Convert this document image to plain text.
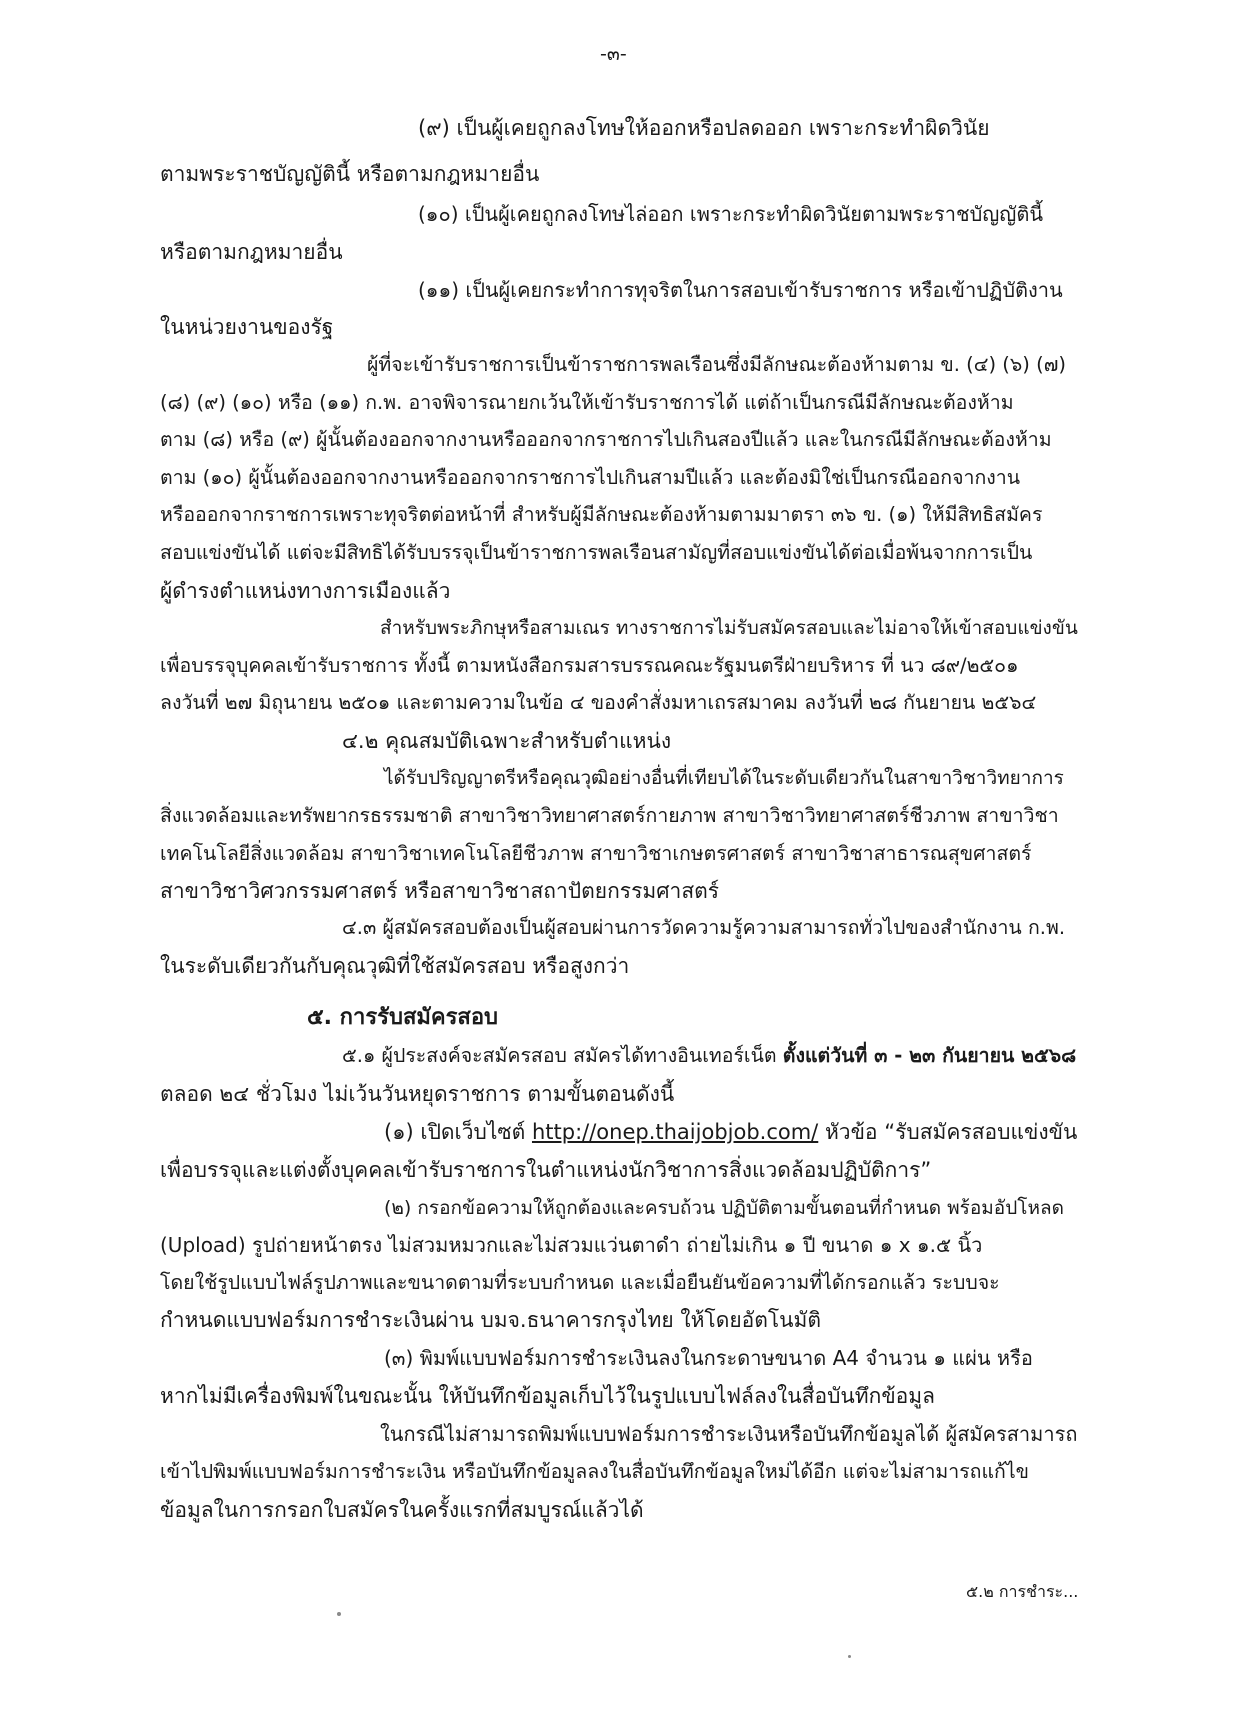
-๓-
(๙) เป็นผู้เคยถูกลงโทษให้ออกหรือปลดออก เพราะกระทำผิดวินัย
ตามพระราชบัญญัตินี้ หรือตามกฎหมายอื่น
(๑๐) เป็นผู้เคยถูกลงโทษไล่ออก เพราะกระทำผิดวินัยตามพระราชบัญญัตินี้
หรือตามกฎหมายอื่น
(๑๑) เป็นผู้เคยกระทำการทุจริตในการสอบเข้ารับราชการ หรือเข้าปฏิบัติงาน
ในหน่วยงานของรัฐ
ผู้ที่จะเข้ารับราชการเป็นข้าราชการพลเรือนซึ่งมีลักษณะต้องห้ามตาม ข. (๔) (๖) (๗)
(๘) (๙) (๑๐) หรือ (๑๑) ก.พ. อาจพิจารณายกเว้นให้เข้ารับราชการได้ แต่ถ้าเป็นกรณีมีลักษณะต้องห้าม
ตาม (๘) หรือ (๙) ผู้นั้นต้องออกจากงานหรือออกจากราชการไปเกินสองปีแล้ว และในกรณีมีลักษณะต้องห้าม
ตาม (๑๐) ผู้นั้นต้องออกจากงานหรือออกจากราชการไปเกินสามปีแล้ว และต้องมิใช่เป็นกรณีออกจากงาน
หรือออกจากราชการเพราะทุจริตต่อหน้าที่ สำหรับผู้มีลักษณะต้องห้ามตามมาตรา ๓๖ ข. (๑) ให้มีสิทธิสมัคร
สอบแข่งขันได้ แต่จะมีสิทธิได้รับบรรจุเป็นข้าราชการพลเรือนสามัญที่สอบแข่งขันได้ต่อเมื่อพ้นจากการเป็น
ผู้ดำรงตำแหน่งทางการเมืองแล้ว
สำหรับพระภิกษุหรือสามเณร ทางราชการไม่รับสมัครสอบและไม่อาจให้เข้าสอบแข่งขัน
เพื่อบรรจุบุคคลเข้ารับราชการ ทั้งนี้ ตามหนังสือกรมสารบรรณคณะรัฐมนตรีฝ่ายบริหาร ที่ นว ๘๙/๒๕๐๑
ลงวันที่ ๒๗ มิถุนายน ๒๕๐๑ และตามความในข้อ ๔ ของคำสั่งมหาเถรสมาคม ลงวันที่ ๒๘ กันยายน ๒๕๖๔
๔.๒ คุณสมบัติเฉพาะสำหรับตำแหน่ง
ได้รับปริญญาตรีหรือคุณวุฒิอย่างอื่นที่เทียบได้ในระดับเดียวกันในสาขาวิชาวิทยาการ
สิ่งแวดล้อมและทรัพยากรธรรมชาติ สาขาวิชาวิทยาศาสตร์กายภาพ สาขาวิชาวิทยาศาสตร์ชีวภาพ สาขาวิชา
เทคโนโลยีสิ่งแวดล้อม สาขาวิชาเทคโนโลยีชีวภาพ สาขาวิชาเกษตรศาสตร์ สาขาวิชาสาธารณสุขศาสตร์
สาขาวิชาวิศวกรรมศาสตร์ หรือสาขาวิชาสถาปัตยกรรมศาสตร์
๔.๓ ผู้สมัครสอบต้องเป็นผู้สอบผ่านการวัดความรู้ความสามารถทั่วไปของสำนักงาน ก.พ.
ในระดับเดียวกันกับคุณวุฒิที่ใช้สมัครสอบ หรือสูงกว่า
๕. การรับสมัครสอบ
๕.๑ ผู้ประสงค์จะสมัครสอบ สมัครได้ทางอินเทอร์เน็ต ตั้งแต่วันที่ ๓ - ๒๓ กันยายน ๒๕๖๘
ตลอด ๒๔ ชั่วโมง ไม่เว้นวันหยุดราชการ ตามขั้นตอนดังนี้
(๑) เปิดเว็บไซต์ http://onep.thaijobjob.com/ หัวข้อ “รับสมัครสอบแข่งขัน
เพื่อบรรจุและแต่งตั้งบุคคลเข้ารับราชการในตำแหน่งนักวิชาการสิ่งแวดล้อมปฏิบัติการ”
(๒) กรอกข้อความให้ถูกต้องและครบถ้วน ปฏิบัติตามขั้นตอนที่กำหนด พร้อมอัปโหลด
(Upload) รูปถ่ายหน้าตรง ไม่สวมหมวกและไม่สวมแว่นตาดำ ถ่ายไม่เกิน ๑ ปี ขนาด ๑ x ๑.๕ นิ้ว
โดยใช้รูปแบบไฟล์รูปภาพและขนาดตามที่ระบบกำหนด และเมื่อยืนยันข้อความที่ได้กรอกแล้ว ระบบจะ
กำหนดแบบฟอร์มการชำระเงินผ่าน บมจ.ธนาคารกรุงไทย ให้โดยอัตโนมัติ
(๓) พิมพ์แบบฟอร์มการชำระเงินลงในกระดาษขนาด A4 จำนวน ๑ แผ่น หรือ
หากไม่มีเครื่องพิมพ์ในขณะนั้น ให้บันทึกข้อมูลเก็บไว้ในรูปแบบไฟล์ลงในสื่อบันทึกข้อมูล
ในกรณีไม่สามารถพิมพ์แบบฟอร์มการชำระเงินหรือบันทึกข้อมูลได้ ผู้สมัครสามารถ
เข้าไปพิมพ์แบบฟอร์มการชำระเงิน หรือบันทึกข้อมูลลงในสื่อบันทึกข้อมูลใหม่ได้อีก แต่จะไม่สามารถแก้ไข
ข้อมูลในการกรอกใบสมัครในครั้งแรกที่สมบูรณ์แล้วได้
๕.๒ การชำระ...
